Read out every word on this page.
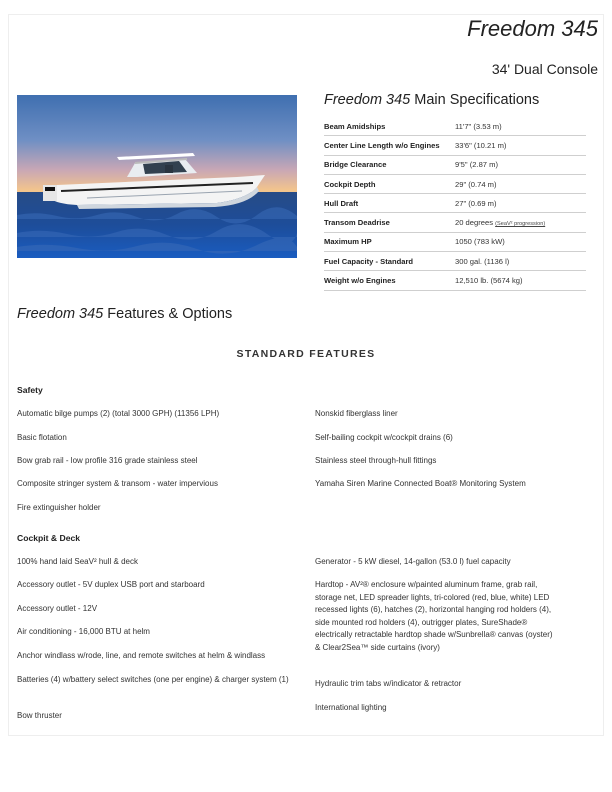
Freedom 345
34' Dual Console
Freedom 345 Main Specifications
Beam Amidships	11'7" (3.53 m)
Center Line Length w/o Engines	33'6" (10.21 m)
Bridge Clearance	9'5" (2.87 m)
Cockpit Depth	29" (0.74 m)
Hull Draft	27" (0.69 m)
Transom Deadrise	20 degrees (SeaV² progression)
Maximum HP	1050 (783 kW)
Fuel Capacity - Standard	300 gal. (1136 l)
Weight w/o Engines	12,510 lb. (5674 kg)
Freedom 345 Features & Options
STANDARD FEATURES
Safety
Automatic bilge pumps (2) (total 3000 GPH) (11356 LPH)
Basic flotation
Bow grab rail - low profile 316 grade stainless steel
Composite stringer system & transom - water impervious
Fire extinguisher holder
Nonskid fiberglass liner
Self-bailing cockpit w/cockpit drains (6)
Stainless steel through-hull fittings
Yamaha Siren Marine Connected Boat® Monitoring System
Cockpit & Deck
100% hand laid SeaV² hull & deck
Accessory outlet - 5V duplex USB port and starboard
Accessory outlet - 12V
Air conditioning - 16,000 BTU at helm
Anchor windlass w/rode, line, and remote switches at helm & windlass
Batteries (4) w/battery select switches (one per engine) & charger system (1)
Bow thruster
Generator - 5 kW diesel, 14-gallon (53.0 l) fuel capacity
Hardtop - AV²® enclosure w/painted aluminum frame, grab rail, storage net, LED spreader lights, tri-colored (red, blue, white) LED recessed lights (6), hatches (2), horizontal hanging rod holders (4), side mounted rod holders (4), outrigger plates, SureShade® electrically retractable hardtop shade w/Sunbrella® canvas (oyster) & Clear2Sea™ side curtains (ivory)
Hydraulic trim tabs w/indicator & retractor
International lighting
